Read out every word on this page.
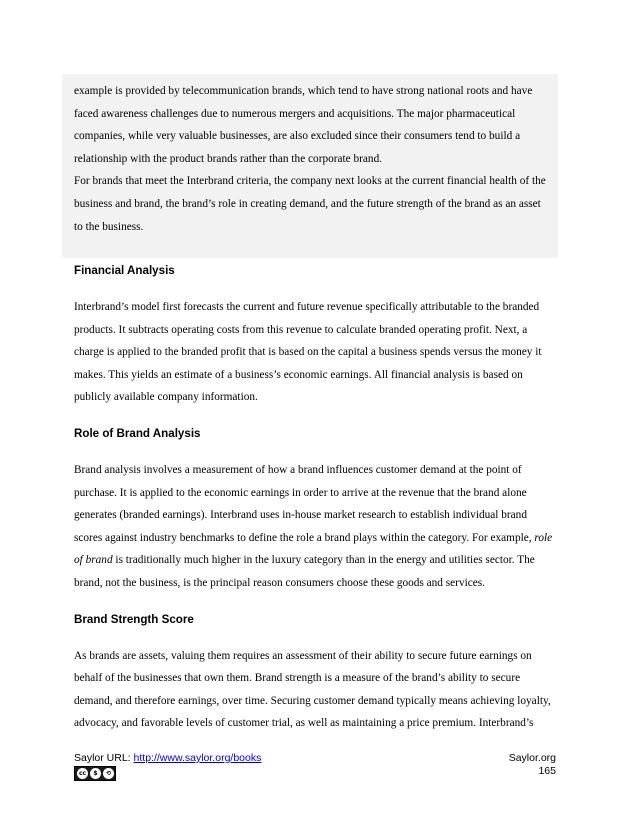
example is provided by telecommunication brands, which tend to have strong national roots and have faced awareness challenges due to numerous mergers and acquisitions. The major pharmaceutical companies, while very valuable businesses, are also excluded since their consumers tend to build a relationship with the product brands rather than the corporate brand.

For brands that meet the Interbrand criteria, the company next looks at the current financial health of the business and brand, the brand’s role in creating demand, and the future strength of the brand as an asset to the business.

Financial Analysis

Interbrand’s model first forecasts the current and future revenue specifically attributable to the branded products. It subtracts operating costs from this revenue to calculate branded operating profit. Next, a charge is applied to the branded profit that is based on the capital a business spends versus the money it makes. This yields an estimate of a business’s economic earnings. All financial analysis is based on publicly available company information.

Role of Brand Analysis

Brand analysis involves a measurement of how a brand influences customer demand at the point of purchase. It is applied to the economic earnings in order to arrive at the revenue that the brand alone generates (branded earnings). Interbrand uses in-house market research to establish individual brand scores against industry benchmarks to define the role a brand plays within the category. For example, role of brand is traditionally much higher in the luxury category than in the energy and utilities sector. The brand, not the business, is the principal reason consumers choose these goods and services.

Brand Strength Score

As brands are assets, valuing them requires an assessment of their ability to secure future earnings on behalf of the businesses that own them. Brand strength is a measure of the brand’s ability to secure demand, and therefore earnings, over time. Securing customer demand typically means achieving loyalty, advocacy, and favorable levels of customer trial, as well as maintaining a price premium. Interbrand’s

Saylor URL: http://www.saylor.org/books
cc	$	⟲
Saylor.org
165
